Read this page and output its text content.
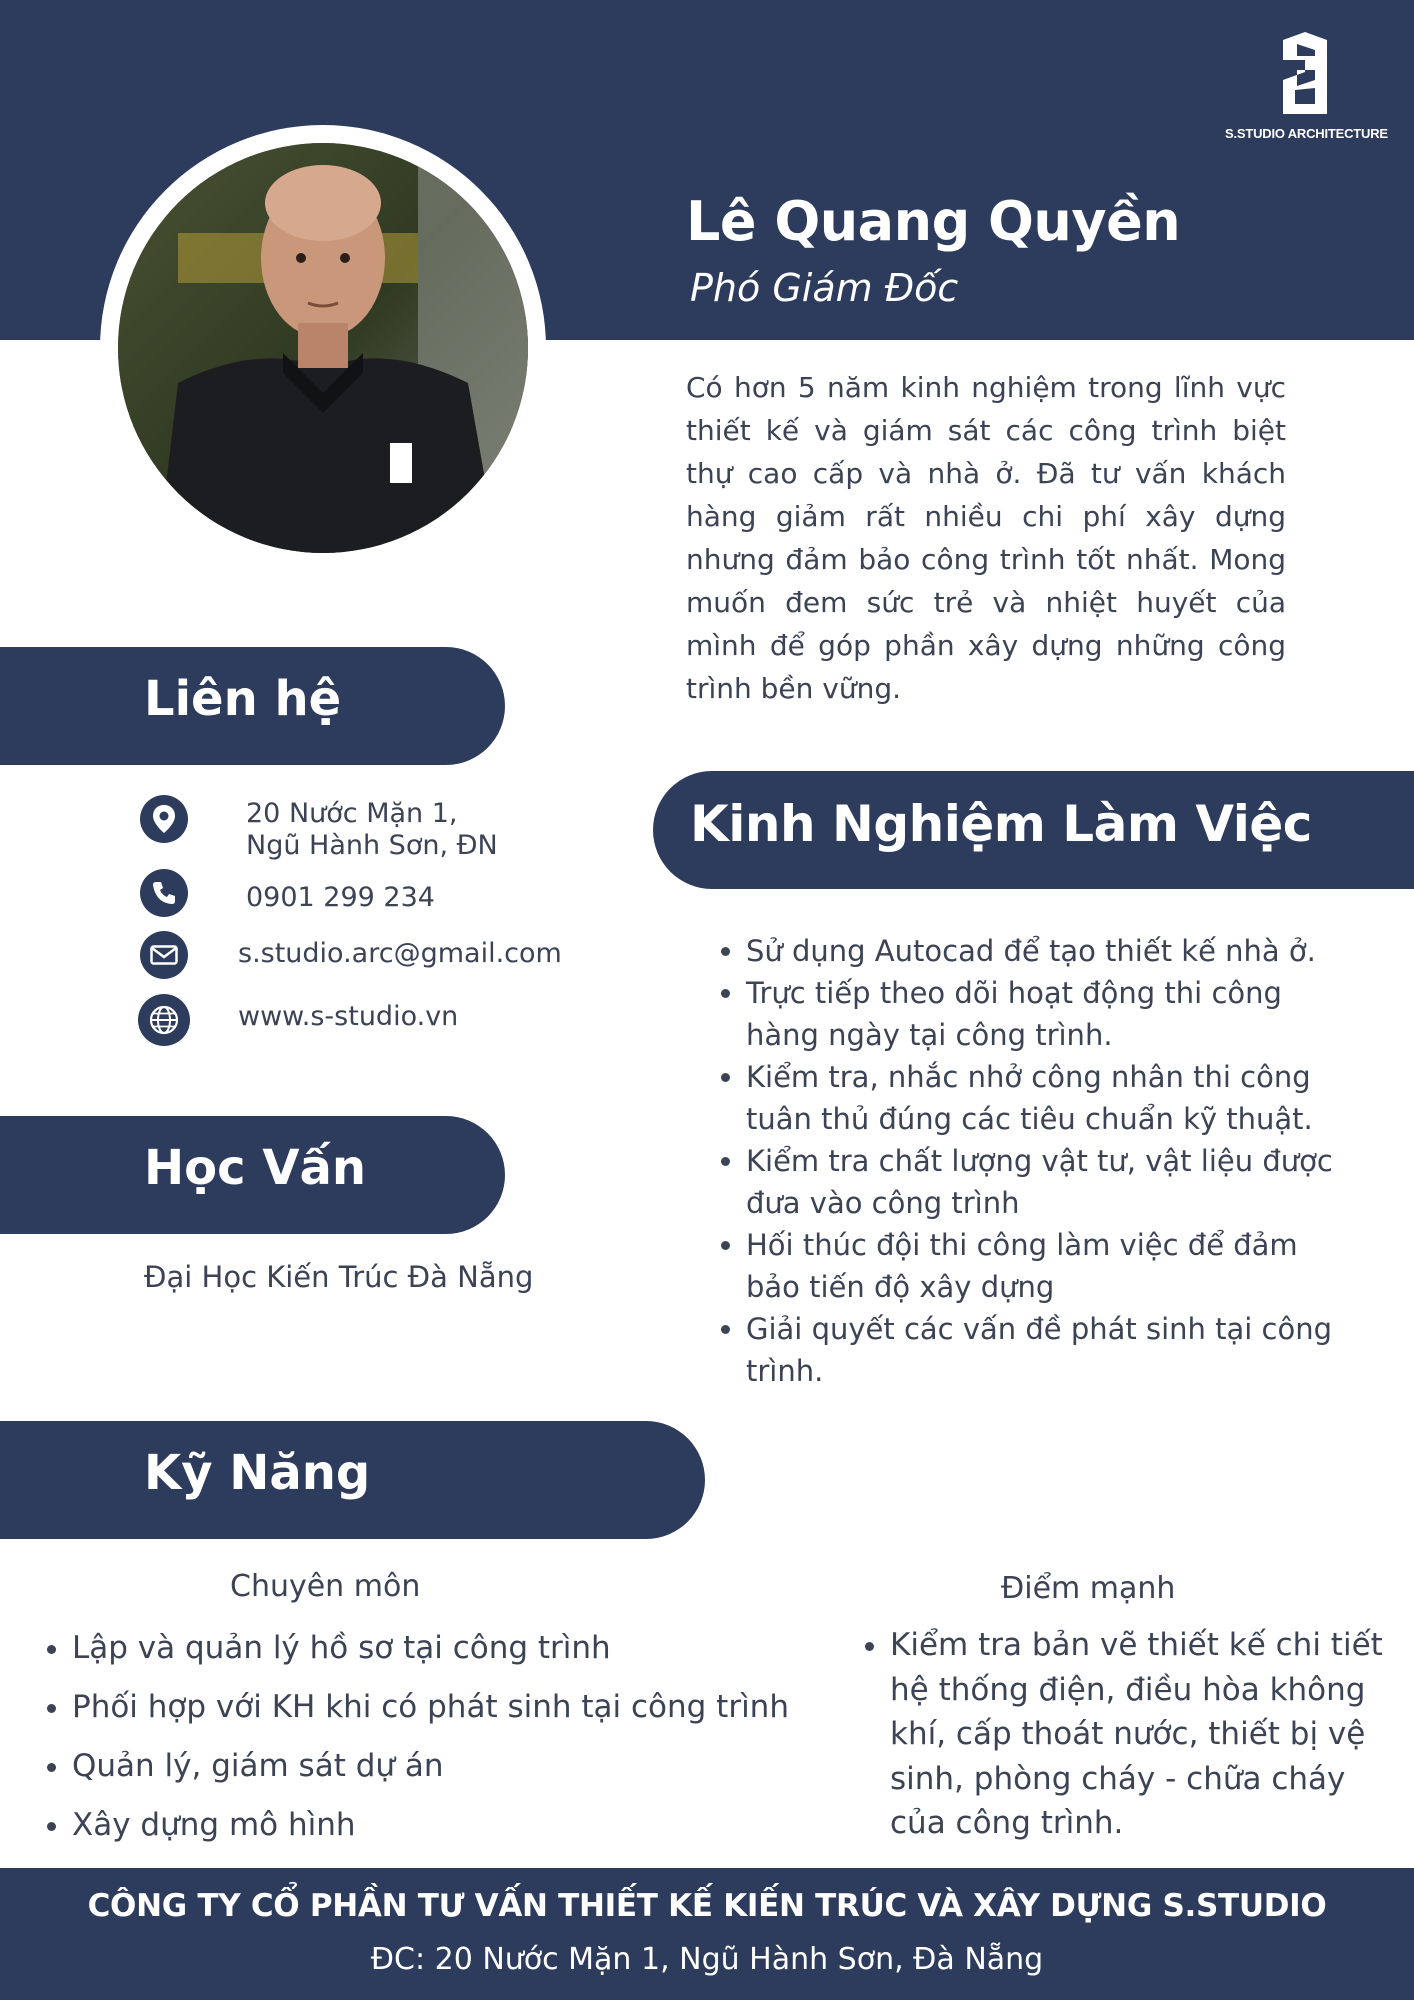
S.STUDIO ARCHITECTURE
Lê Quang Quyền
Phó Giám Đốc

Có hơn 5 năm kinh nghiệm trong lĩnh vực thiết kế và giám sát các công trình biệt thự cao cấp và nhà ở. Đã tư vấn khách hàng giảm rất nhiều chi phí xây dựng nhưng đảm bảo công trình tốt nhất. Mong muốn đem sức trẻ và nhiệt huyết của mình để góp phần xây dựng những công trình bền vững.

Liên hệ
20 Nước Mặn 1,
Ngũ Hành Sơn, ĐN
0901 299 234
s.studio.arc@gmail.com
www.s-studio.vn
Học Vấn
Đại Học Kiến Trúc Đà Nẵng
Kinh Nghiệm Làm Việc
• Sử dụng Autocad để tạo thiết kế nhà ở.
• Trực tiếp theo dõi hoạt động thi công hàng ngày tại công trình.
• Kiểm tra, nhắc nhở công nhân thi công tuân thủ đúng các tiêu chuẩn kỹ thuật.
• Kiểm tra chất lượng vật tư, vật liệu được đưa vào công trình
• Hối thúc đội thi công làm việc để đảm bảo tiến độ xây dựng
• Giải quyết các vấn đề phát sinh tại công trình.
Kỹ Năng
Chuyên môn
• Lập và quản lý hồ sơ tại công trình
• Phối hợp với KH khi có phát sinh tại công trình
• Quản lý, giám sát dự án
• Xây dựng mô hình
Điểm mạnh
• Kiểm tra bản vẽ thiết kế chi tiết hệ thống điện, điều hòa không khí, cấp thoát nước, thiết bị vệ sinh, phòng cháy - chữa cháy của công trình.
CÔNG TY CỔ PHẦN TƯ VẤN THIẾT KẾ KIẾN TRÚC VÀ XÂY DỰNG S.STUDIO
ĐC: 20 Nước Mặn 1, Ngũ Hành Sơn, Đà Nẵng
